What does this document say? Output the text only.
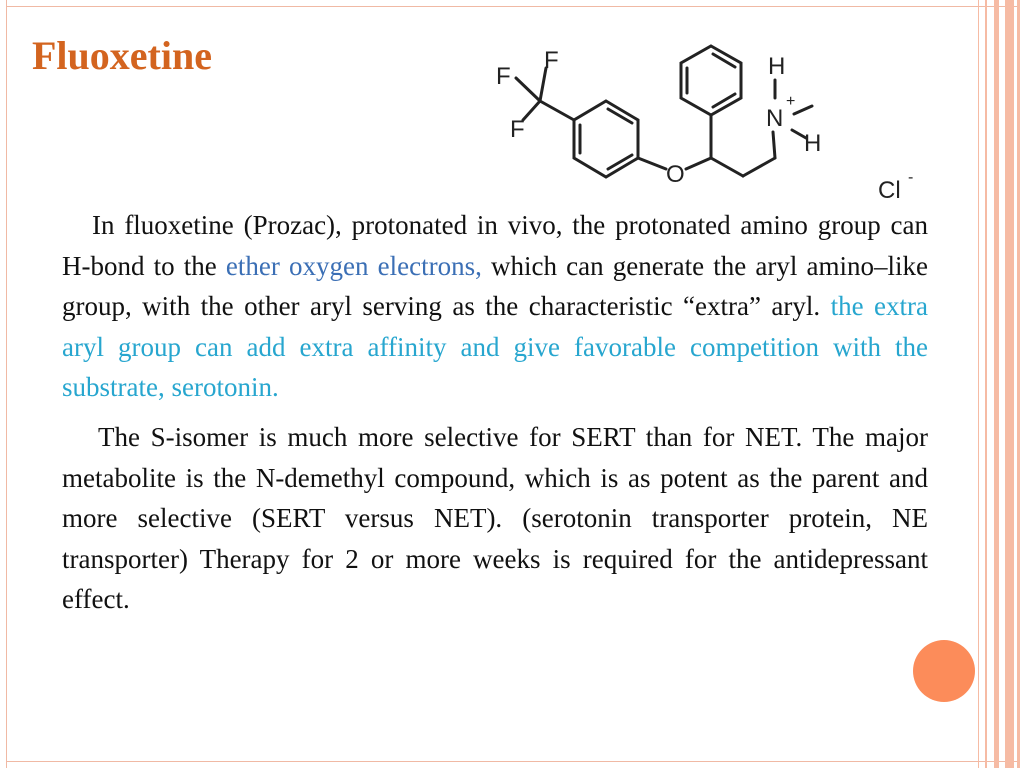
Fluoxetine	F
F
F
O
H
N
+
H
Cl -

In fluoxetine (Prozac), protonated in vivo, the protonated amino group can H-bond to the ether oxygen electrons, which can generate the aryl amino–like group, with the other aryl serving as the characteristic “extra” aryl. the extra aryl group can add extra affinity and give favorable competition with the substrate, serotonin.

The S-isomer is much more selective for SERT than for NET. The major metabolite is the N-demethyl compound, which is as potent as the parent and more selective (SERT versus NET). (serotonin transporter protein, NE transporter) Therapy for 2 or more weeks is required for the antidepressant effect.
